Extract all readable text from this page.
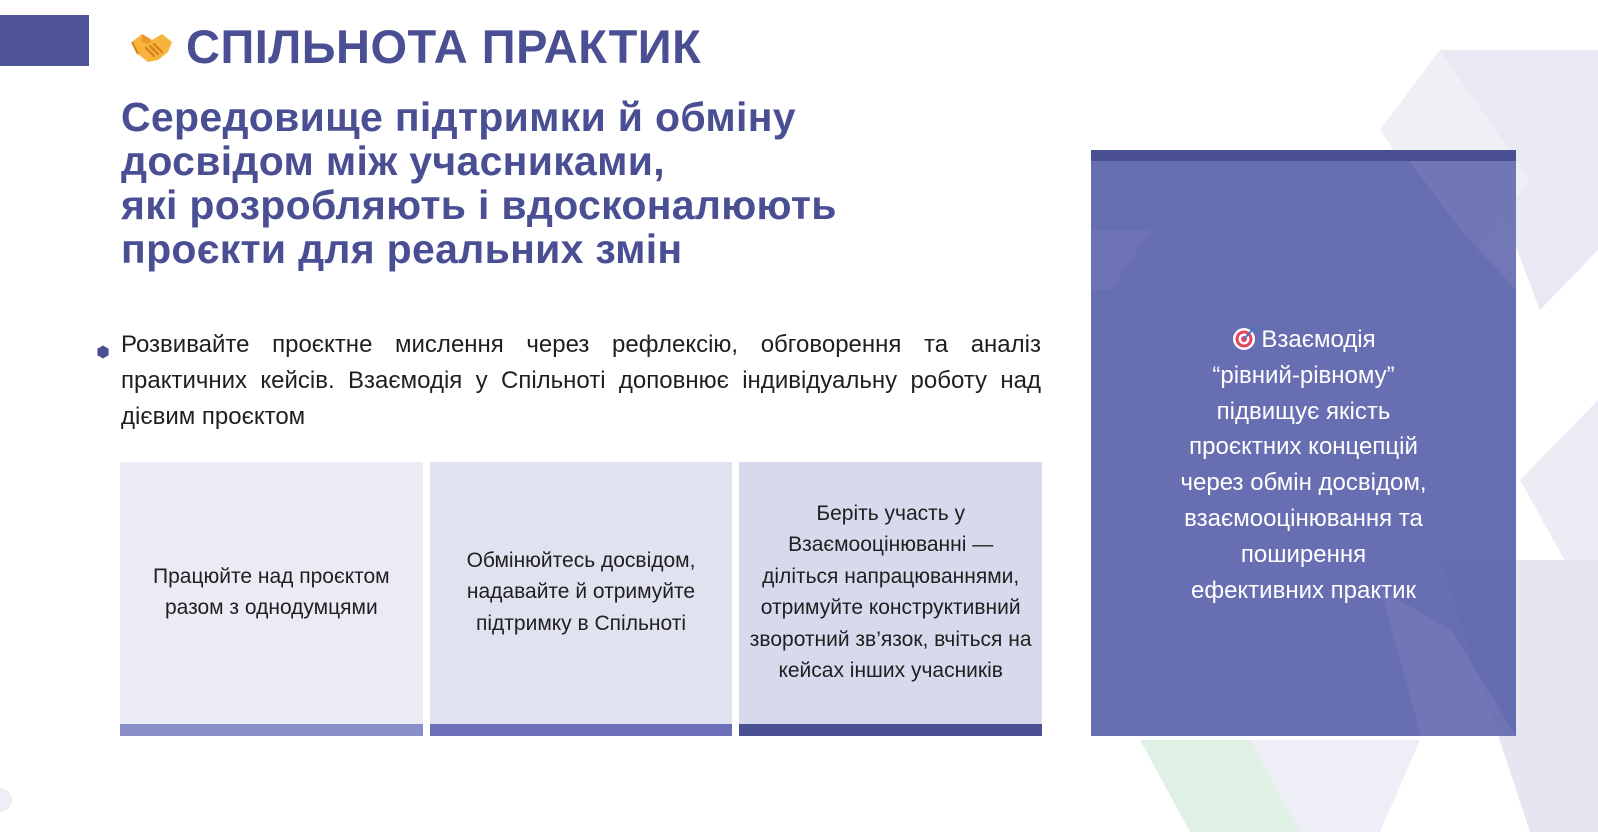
СПІЛЬНОТА ПРАКТИК
Середовище підтримки й обміну
досвідом між учасниками,
які розробляють і вдосконалюють
проєкти для реальних змін
Розвивайте проєктне мислення через рефлексію, обговорення та аналіз практичних кейсів. Взаємодія у Спільноті доповнює індивідуальну роботу над дієвим проєктом
Працюйте над проєктом разом з однодумцями
Обмінюйтесь досвідом, надавайте й отримуйте підтримку в Спільноті
Беріть участь у Взаємооцінюванні — діліться напрацюваннями, отримуйте конструктивний зворотний зв’язок, вчіться на кейсах інших учасників
Взаємодія
“рівний-рівному”
підвищує якість
проєктних концепцій
через обмін досвідом,
взаємооцінювання та
поширення
ефективних практик
